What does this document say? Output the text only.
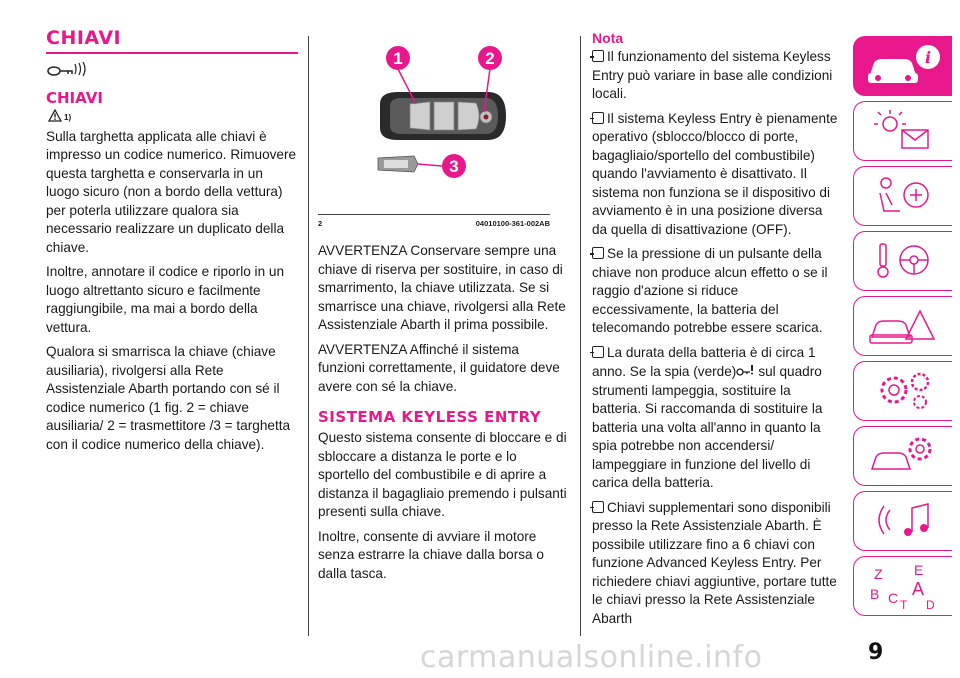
CHIAVI
CHIAVI
1)

Sulla targhetta applicata alle chiavi è impresso un codice numerico. Rimuovere questa targhetta e conservarla in un luogo sicuro (non a bordo della vettura) per poterla utilizzare qualora sia necessario realizzare un duplicato della chiave.

Inoltre, annotare il codice e riporlo in un luogo altrettanto sicuro e facilmente raggiungibile, ma mai a bordo della vettura.

Qualora si smarrisca la chiave (chiave ausiliaria), rivolgersi alla Rete Assistenziale Abarth portando con sé il codice numerico (1 fig. 2 = chiave ausiliaria/ 2 = trasmettitore /3 = targhetta con il codice numerico della chiave).

1	2
3
2	04010100-361-002AB

AVVERTENZA Conservare sempre una chiave di riserva per sostituire, in caso di smarrimento, la chiave utilizzata. Se si smarrisce una chiave, rivolgersi alla Rete Assistenziale Abarth il prima possibile.

AVVERTENZA Affinché il sistema funzioni correttamente, il guidatore deve avere con sé la chiave.

SISTEMA KEYLESS ENTRY

Questo sistema consente di bloccare e di sbloccare a distanza le porte e lo sportello del combustibile e di aprire a distanza il bagagliaio premendo i pulsanti presenti sulla chiave.

Inoltre, consente di avviare il motore senza estrarre la chiave dalla borsa o dalla tasca.

Nota

Il funzionamento del sistema Keyless Entry può variare in base alle condizioni locali.

Il sistema Keyless Entry è pienamente operativo (sblocco/blocco di porte, bagagliaio/sportello del combustibile) quando l'avviamento è disattivato. Il sistema non funziona se il dispositivo di avviamento è in una posizione diversa da quella di disattivazione (OFF).

Se la pressione di un pulsante della chiave non produce alcun effetto o se il raggio d'azione si riduce eccessivamente, la batteria del telecomando potrebbe essere scarica.

La durata della batteria è di circa 1 anno. Se la spia (verde) sul quadro strumenti lampeggia, sostituire la batteria. Si raccomanda di sostituire la batteria una volta all'anno in quanto la spia potrebbe non accendersi/ lampeggiare in funzione del livello di carica della batteria.

Chiavi supplementari sono disponibili presso la Rete Assistenziale Abarth. È possibile utilizzare fino a 6 chiavi con funzione Advanced Keyless Entry. Per richiedere chiavi aggiuntive, portare tutte le chiavi presso la Rete Assistenziale Abarth

i
Z E
B A
C T D
9
carmanualsonline.info
